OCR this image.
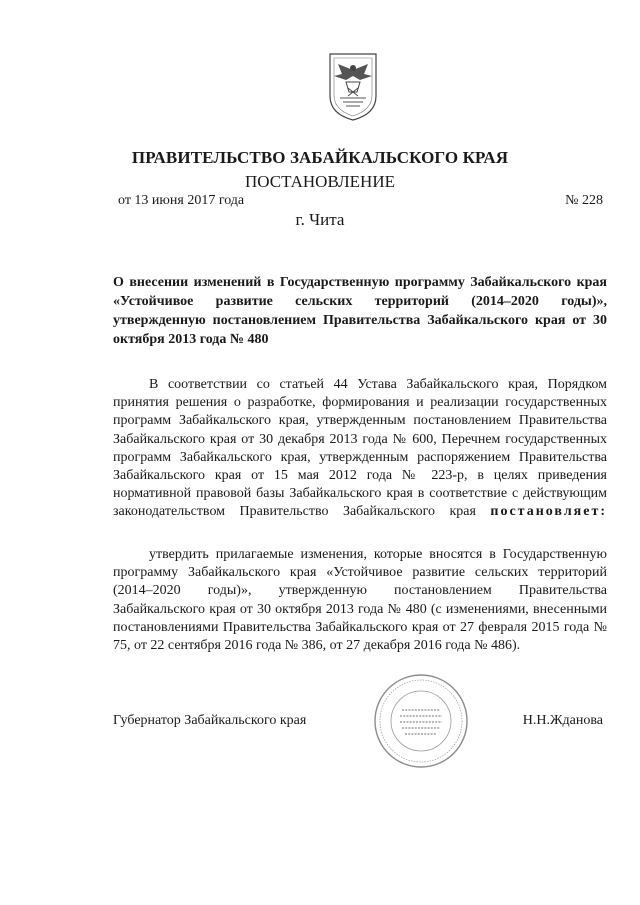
ПРАВИТЕЛЬСТВО ЗАБАЙКАЛЬСКОГО КРАЯ
ПОСТАНОВЛЕНИЕ
от 13 июня 2017 года	№ 228
г. Чита
О внесении изменений в Государственную программу Забайкальского края «Устойчивое развитие сельских территорий (2014–2020 годы)», утвержденную постановлением Правительства Забайкальского края от 30 октября 2013 года № 480
В соответствии со статьей 44 Устава Забайкальского края, Порядком принятия решения о разработке, формирования и реализации государственных программ Забайкальского края, утвержденным постановлением Правительства Забайкальского края от 30 декабря 2013 года № 600, Перечнем государственных программ Забайкальского края, утвержденным распоряжением Правительства Забайкальского края от 15 мая 2012 года № 223-р, в целях приведения нормативной правовой базы Забайкальского края в соответствие с действующим законодательством Правительство Забайкальского края постановляет:
утвердить прилагаемые изменения, которые вносятся в Государственную программу Забайкальского края «Устойчивое развитие сельских территорий (2014–2020 годы)», утвержденную постановлением Правительства Забайкальского края от 30 октября 2013 года № 480 (с изменениями, внесенными постановлениями Правительства Забайкальского края от 27 февраля 2015 года № 75, от 22 сентября 2016 года № 386, от 27 декабря 2016 года № 486).
Губернатор Забайкальского края	Н.Н.Жданова
